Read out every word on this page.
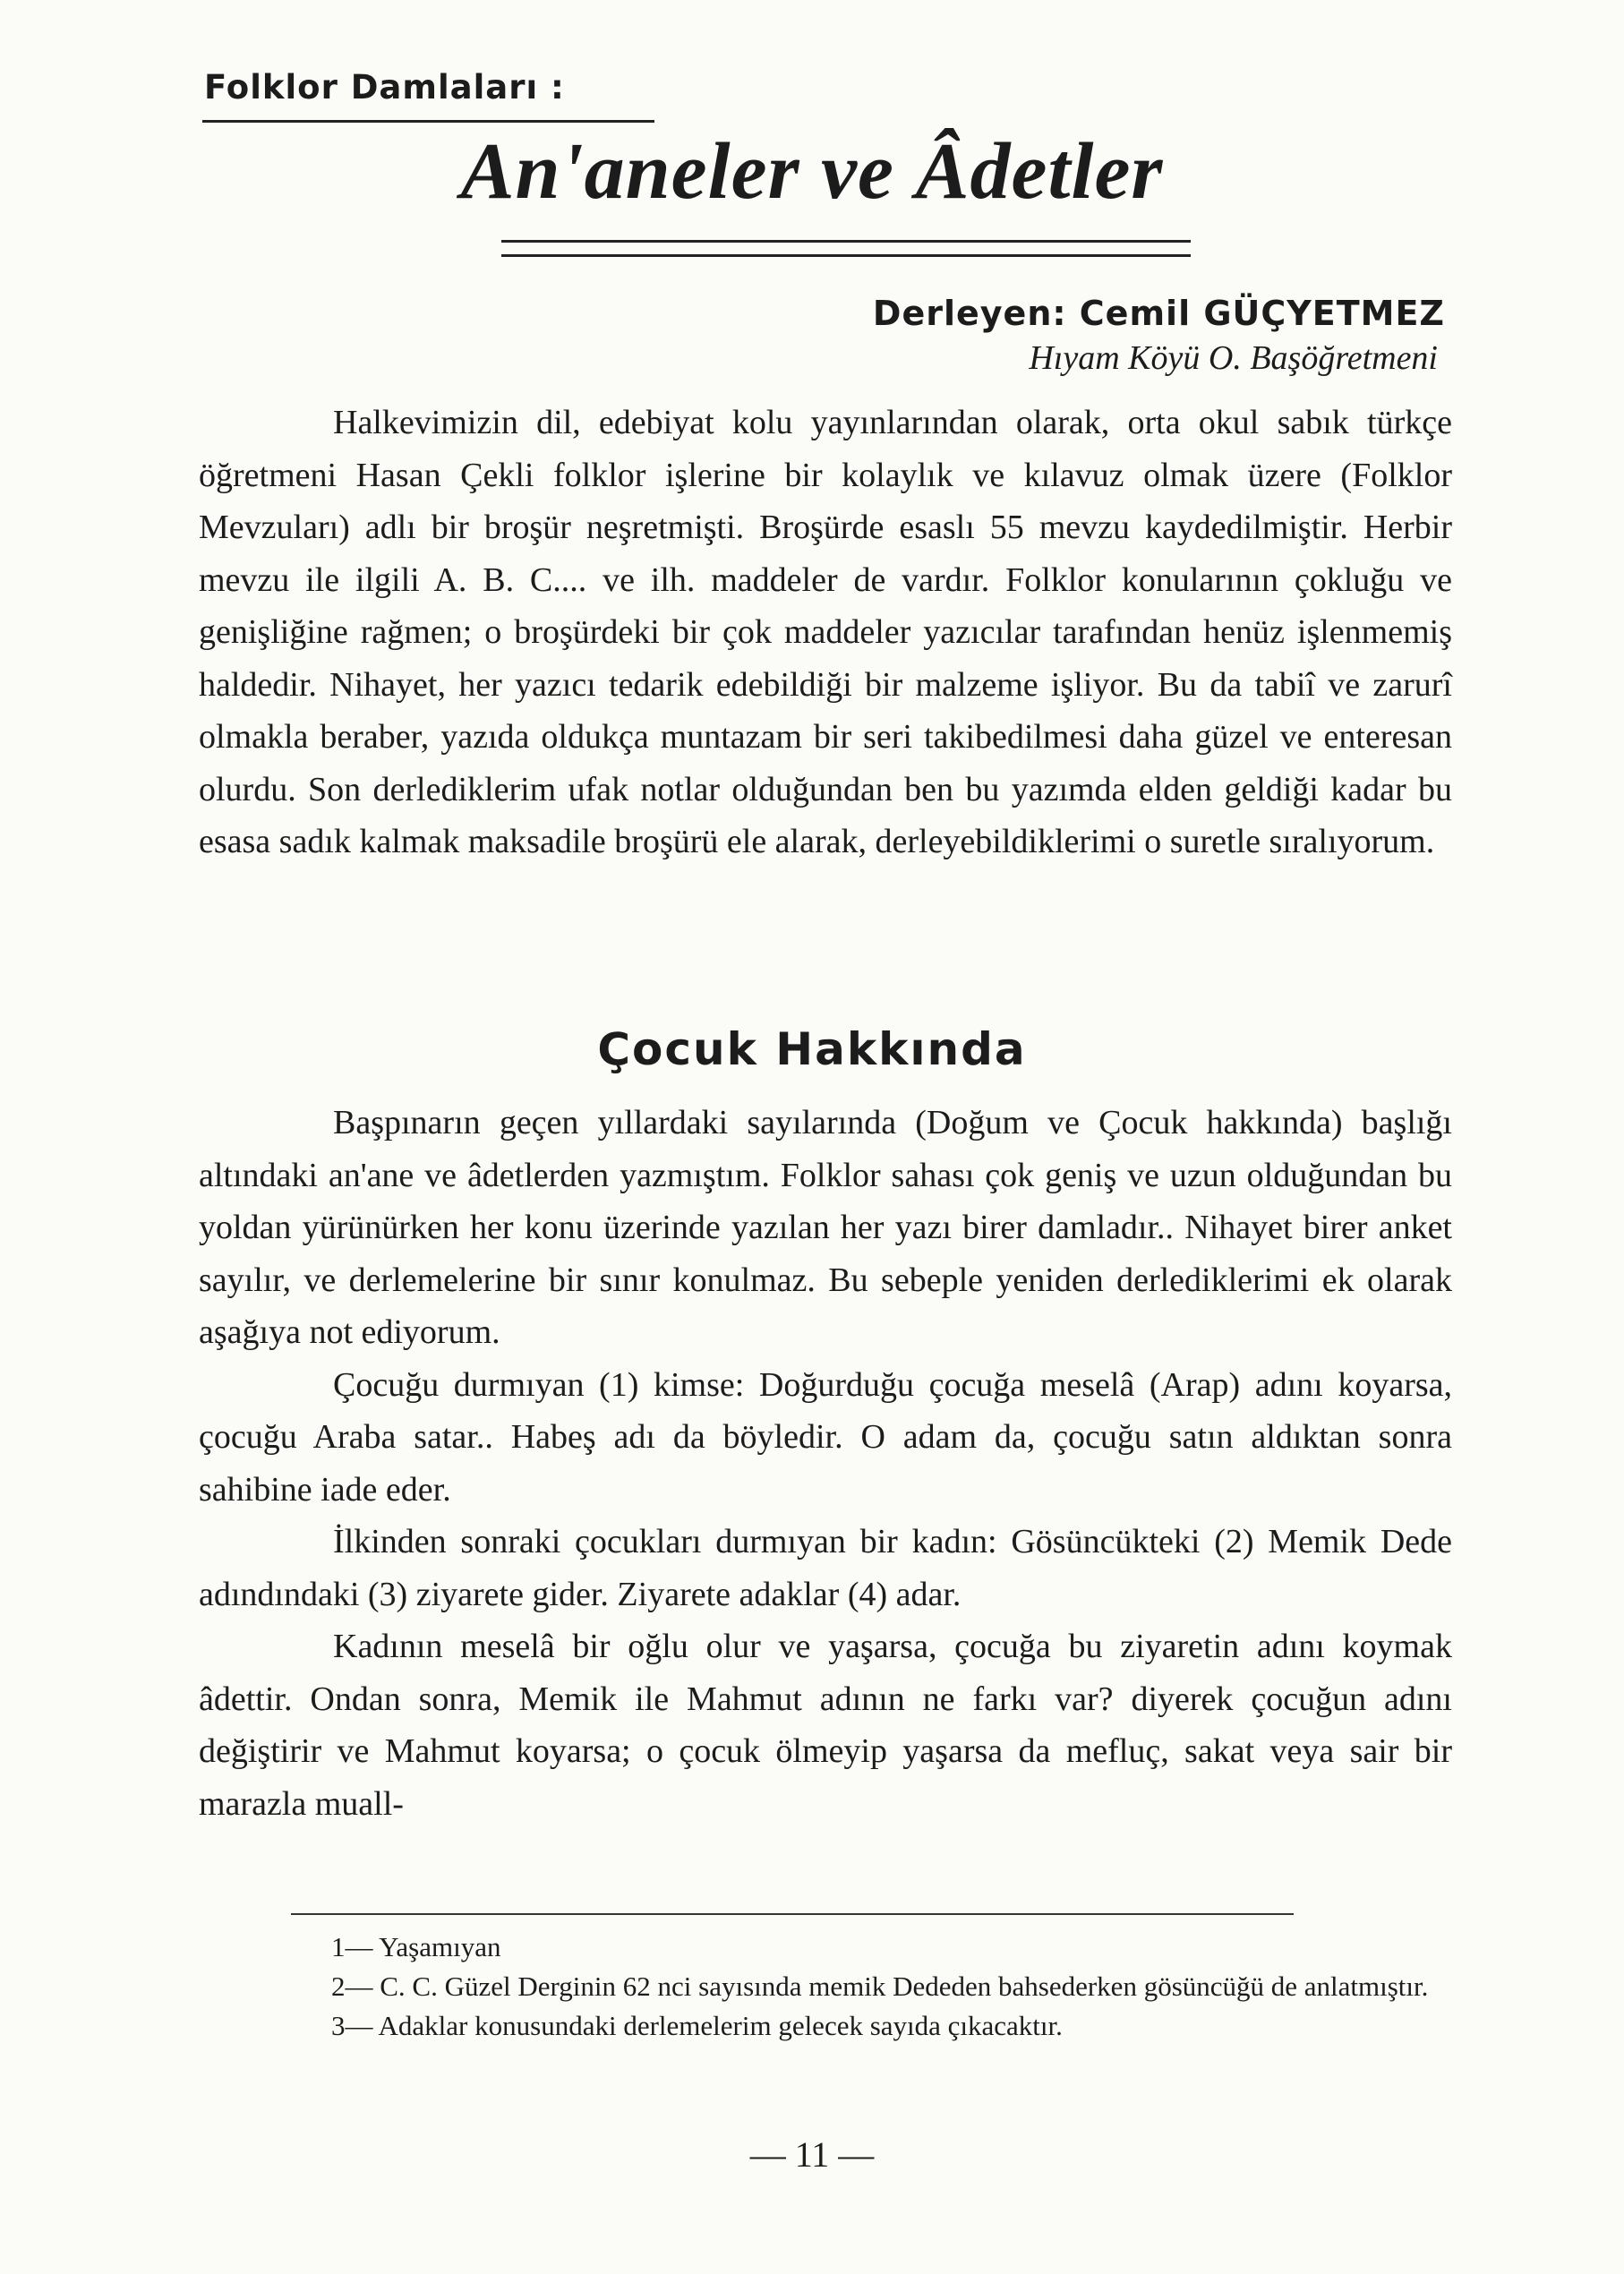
Folklor Damlaları :
An'aneler ve Âdetler
Derleyen: Cemil GÜÇYETMEZ
Hıyam Köyü O. Başöğretmeni

Halkevimizin dil, edebiyat kolu yayınlarından olarak, orta okul sabık türkçe öğretmeni Hasan Çekli folklor işlerine bir kolaylık ve kılavuz olmak üzere (Folklor Mevzuları) adlı bir broşür neşretmişti. Broşürde esaslı 55 mevzu kaydedilmiştir. Herbir mevzu ile ilgili A. B. C.... ve ilh. maddeler de vardır. Folklor konularının çokluğu ve genişliğine rağmen; o broşürdeki bir çok maddeler yazıcılar tarafından henüz işlenmemiş haldedir. Nihayet, her yazıcı tedarik edebildiği bir malzeme işliyor. Bu da tabiî ve zarurî olmakla beraber, yazıda oldukça muntazam bir seri takibedilmesi daha güzel ve enteresan olurdu. Son derlediklerim ufak notlar olduğundan ben bu yazımda elden geldiği kadar bu esasa sadık kalmak maksadile broşürü ele alarak, derleyebildiklerimi o suretle sıralıyorum.

Çocuk Hakkında

Başpınarın geçen yıllardaki sayılarında (Doğum ve Çocuk hakkında) başlığı altındaki an'ane ve âdetlerden yazmıştım. Folklor sahası çok geniş ve uzun olduğundan bu yoldan yürünürken her konu üzerinde yazılan her yazı birer damladır.. Nihayet birer anket sayılır, ve derlemelerine bir sınır konulmaz. Bu sebeple yeniden derlediklerimi ek olarak aşağıya not ediyorum.

Çocuğu durmıyan (1) kimse: Doğurduğu çocuğa meselâ (Arap) adını koyarsa, çocuğu Araba satar.. Habeş adı da böyledir. O adam da, çocuğu satın aldıktan sonra sahibine iade eder.

İlkinden sonraki çocukları durmıyan bir kadın: Gösüncüktеki (2) Memik Dede adındındaki (3) ziyarete gider. Ziyarete adaklar (4) adar.

Kadının meselâ bir oğlu olur ve yaşarsa, çocuğa bu ziyaretin adını koymak âdettir. Ondan sonra, Memik ile Mahmut adının ne farkı var? diyerek çocuğun adını değiştirir ve Mahmut koyarsa; o çocuk ölmeyip yaşarsa da mefluç, sakat veya sair bir marazla muall-

1— Yaşamıyan
2— C. C. Güzel Derginin 62 nci sayısında memik Dededen bahsederken gösüncüğü de anlatmıştır.
3— Adaklar konusundaki derlemelerim gelecek sayıda çıkacaktır.
— 11 —
